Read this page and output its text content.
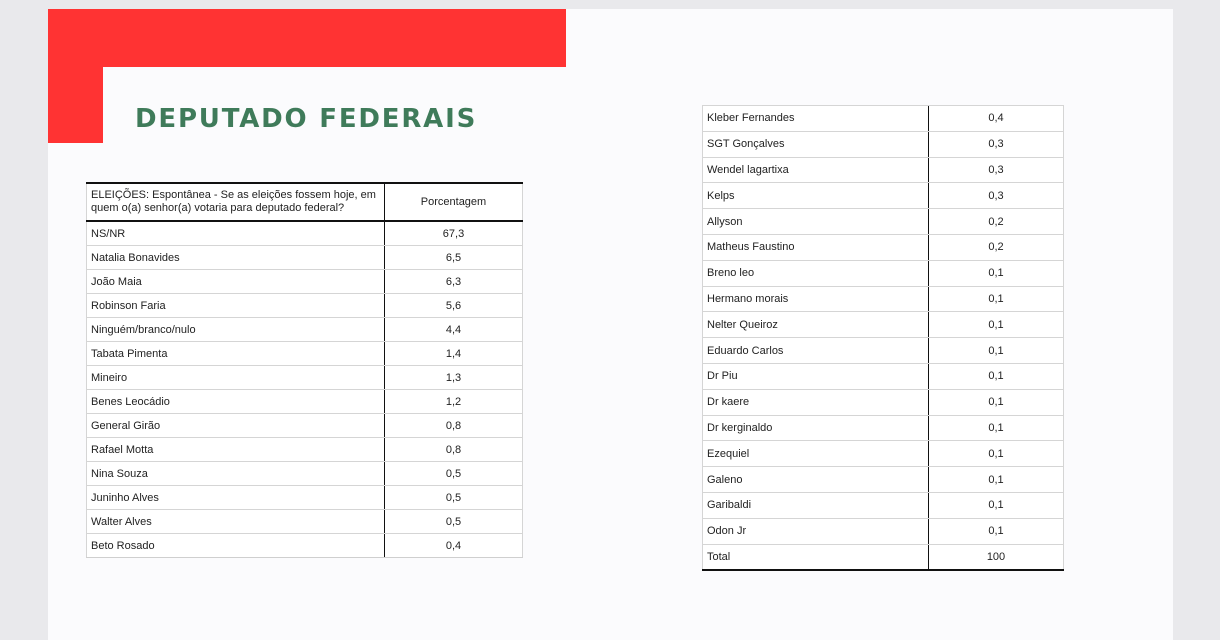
DEPUTADO FEDERAIS
ELEIÇÕES: Espontânea - Se as eleições fossem hoje, em quem o(a) senhor(a) votaria para deputado federal?	Porcentagem
NS/NR	67,3
Natalia Bonavides	6,5
João Maia	6,3
Robinson Faria	5,6
Ninguém/branco/nulo	4,4
Tabata Pimenta	1,4
Mineiro	1,3
Benes Leocádio	1,2
General Girão	0,8
Rafael Motta	0,8
Nina Souza	0,5
Juninho Alves	0,5
Walter Alves	0,5
Beto Rosado	0,4
Kleber Fernandes	0,4
SGT Gonçalves	0,3
Wendel lagartixa	0,3
Kelps	0,3
Allyson	0,2
Matheus Faustino	0,2
Breno leo	0,1
Hermano morais	0,1
Nelter Queiroz	0,1
Eduardo Carlos	0,1
Dr Piu	0,1
Dr kaere	0,1
Dr kerginaldo	0,1
Ezequiel	0,1
Galeno	0,1
Garibaldi	0,1
Odon Jr	0,1
Total	100
